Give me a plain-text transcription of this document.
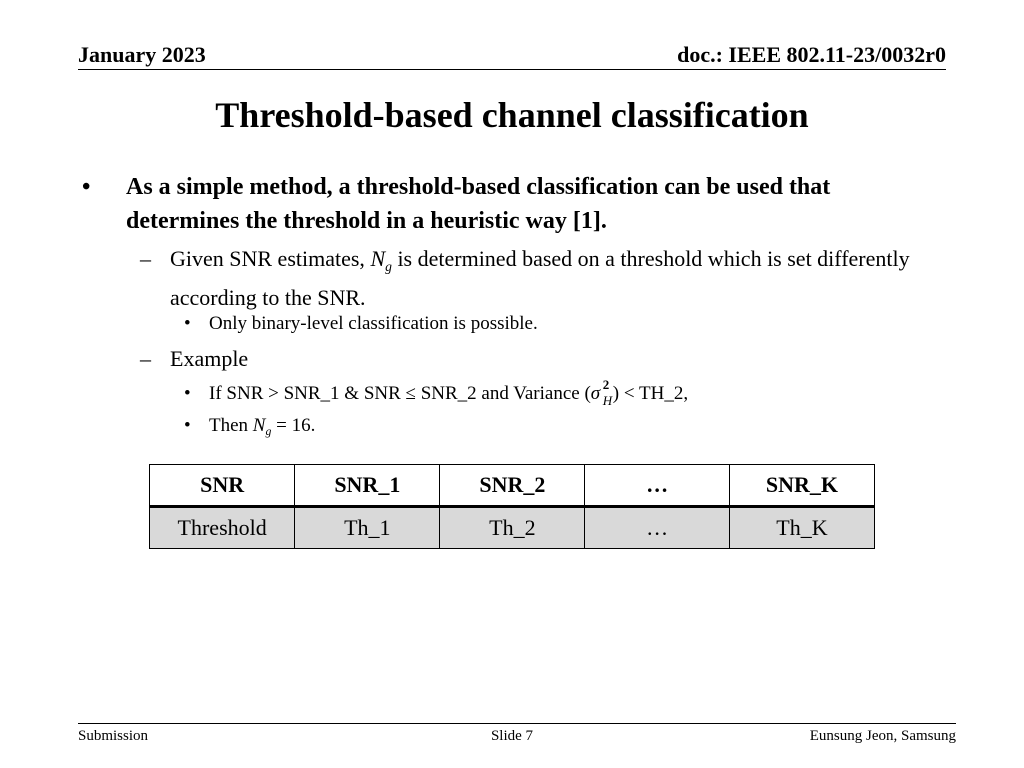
January 2023	doc.: IEEE 802.11-23/0032r0
Threshold-based channel classification
• As a simple method, a threshold-based classification can be used that determines the threshold in a heuristic way [1].
– Given SNR estimates, $N_g$ is determined based on a threshold which is set differently according to the SNR.
• Only binary-level classification is possible.
– Example
• If SNR > SNR_1 & SNR ≤ SNR_2 and Variance (σ 2
H ) < TH_2,
• Then $N_g = 16$.
SNR	SNR_1	SNR_2	…	SNR_K
Threshold	Th_1	Th_2	…	Th_K
Submission	Slide 7	Eunsung Jeon, Samsung
